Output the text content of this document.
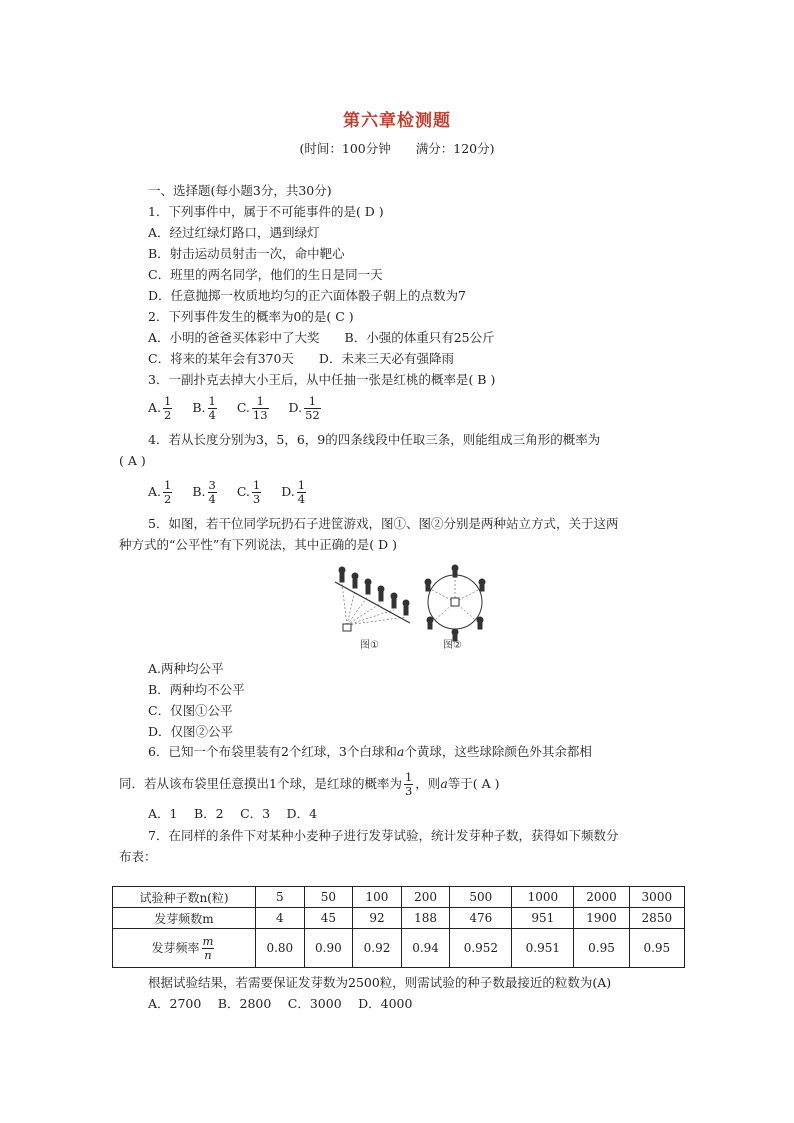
第六章检测题
(时间：100分钟　　满分：120分)
一、选择题(每小题3分，共30分)
1．下列事件中，属于不可能事件的是( D )
A．经过红绿灯路口，遇到绿灯
B．射击运动员射击一次，命中靶心
C．班里的两名同学，他们的生日是同一天
D．任意抛掷一枚质地均匀的正六面体骰子朝上的点数为7
2．下列事件发生的概率为0的是( C )
A．小明的爸爸买体彩中了大奖　　B．小强的体重只有25公斤
C．将来的某年会有370天　　D．未来三天必有强降雨
3．一副扑克去掉大小王后，从中任抽一张是红桃的概率是( B )
A. $\frac{1}{2} B$. $\frac{1}{4} C$. $\frac{1}{13} D$. $\frac{1}{52}$
4．若从长度分别为3，5，6，9的四条线段中任取三条，则能组成三角形的概率为
( A )
A. $\frac{1}{2} B$. $\frac{3}{4} C$. $\frac{1}{3} D$. $\frac{1}{4}$
5．如图，若干位同学玩扔石子进筐游戏，图①、图②分别是两种站立方式，关于这两
种方式的“公平性”有下列说法，其中正确的是( D )
图①	图②
A.两种均公平
B．两种均不公平
C．仅图①公平
D．仅图②公平
6．已知一个布袋里装有2个红球，3个白球和a个黄球，这些球除颜色外其余都相
同．若从该布袋里任意摸出1个球，是红球的概率为 $\frac{1}{3}$ ，则a等于( A )
A．1　 B．2　 C．3　 D．4
7．在同样的条件下对某种小麦种子进行发芽试验，统计发芽种子数，获得如下频数分
布表：
试验种子数n(粒)	5	50	100	200	500	1000	2000	3000
发芽频数m	4	45	92	188	476	951	1900	2850
发芽频率 $\frac{m}{n}$	0.80	0.90	0.92	0.94	0.952	0.951	0.95	0.95
根据试验结果，若需要保证发芽数为2500粒，则需试验的种子数最接近的粒数为(A)
A．2700　 B．2800　 C．3000　 D．4000
